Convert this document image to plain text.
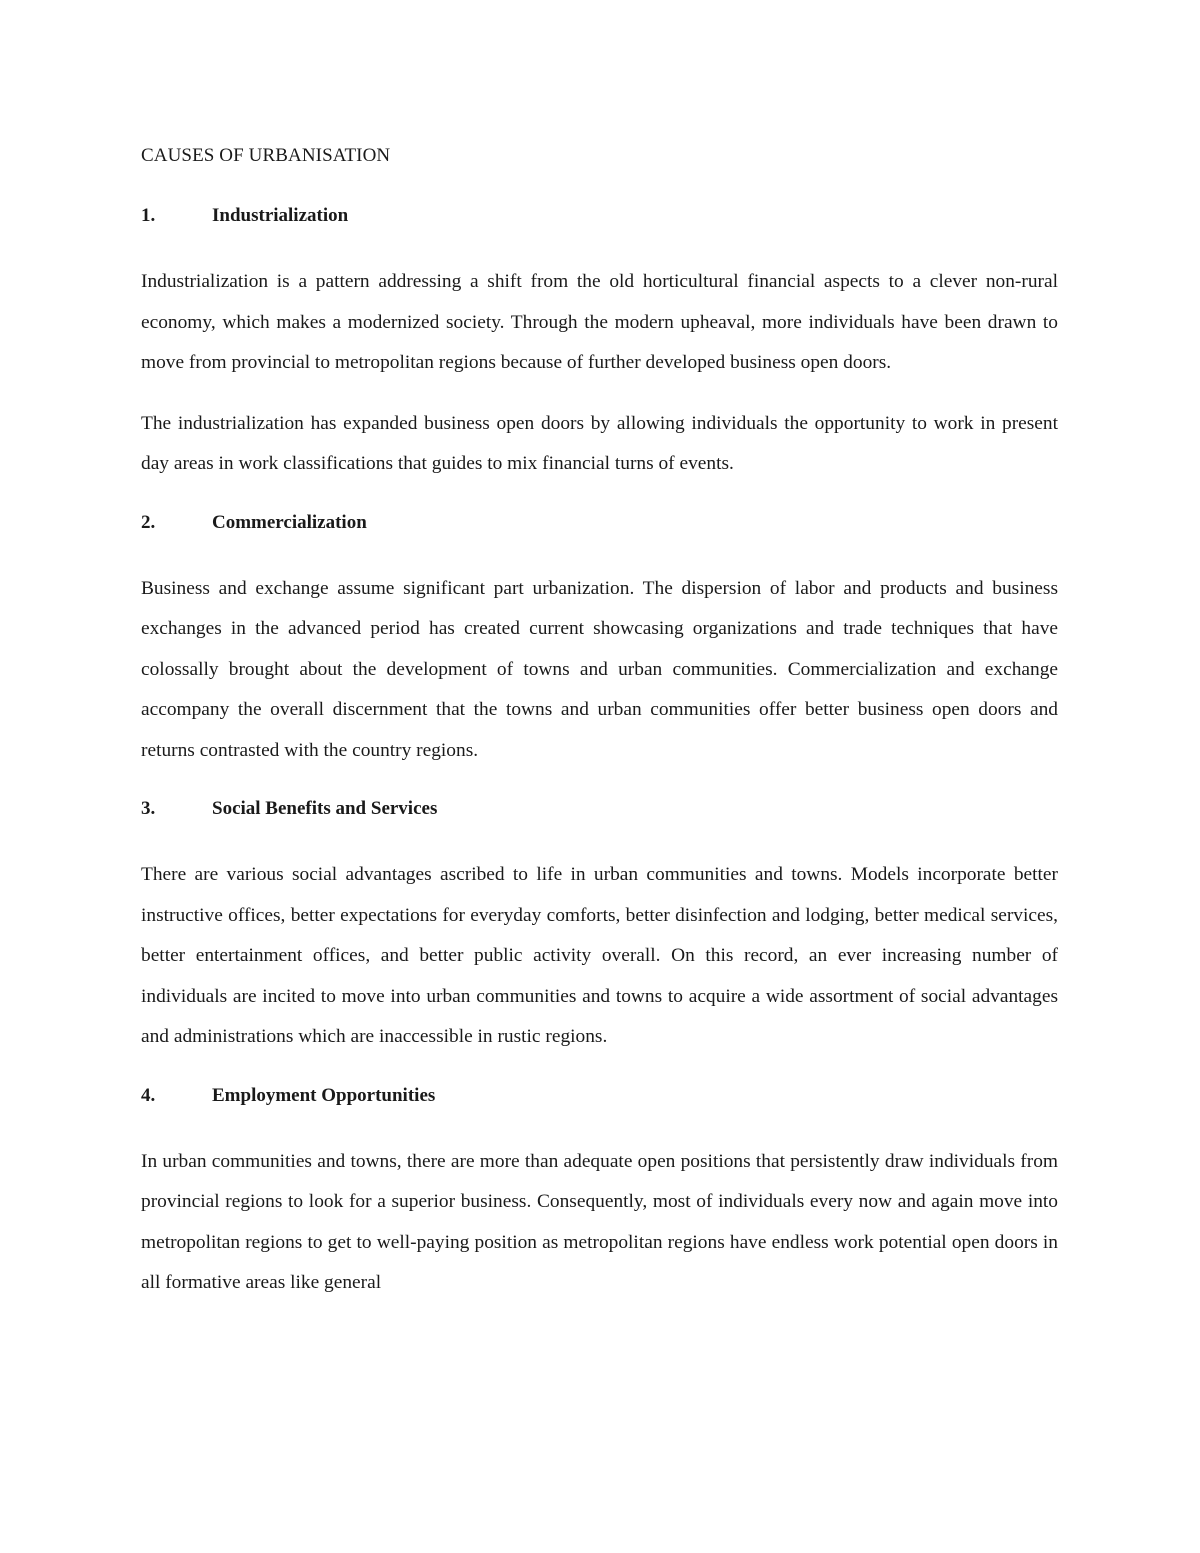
CAUSES OF URBANISATION
1.	Industrialization

Industrialization is a pattern addressing a shift from the old horticultural financial aspects to a clever non-rural economy, which makes a modernized society. Through the modern upheaval, more individuals have been drawn to move from provincial to metropolitan regions because of further developed business open doors.

The industrialization has expanded business open doors by allowing individuals the opportunity to work in present day areas in work classifications that guides to mix financial turns of events.

2.	Commercialization

Business and exchange assume significant part urbanization. The dispersion of labor and products and business exchanges in the advanced period has created current showcasing organizations and trade techniques that have colossally brought about the development of towns and urban communities. Commercialization and exchange accompany the overall discernment that the towns and urban communities offer better business open doors and returns contrasted with the country regions.

3.	Social Benefits and Services

There are various social advantages ascribed to life in urban communities and towns. Models incorporate better instructive offices, better expectations for everyday comforts, better disinfection and lodging, better medical services, better entertainment offices, and better public activity overall. On this record, an ever increasing number of individuals are incited to move into urban communities and towns to acquire a wide assortment of social advantages and administrations which are inaccessible in rustic regions.

4.	Employment Opportunities

In urban communities and towns, there are more than adequate open positions that persistently draw individuals from provincial regions to look for a superior business. Consequently, most of individuals every now and again move into metropolitan regions to get to well-paying position as metropolitan regions have endless work potential open doors in all formative areas like general
